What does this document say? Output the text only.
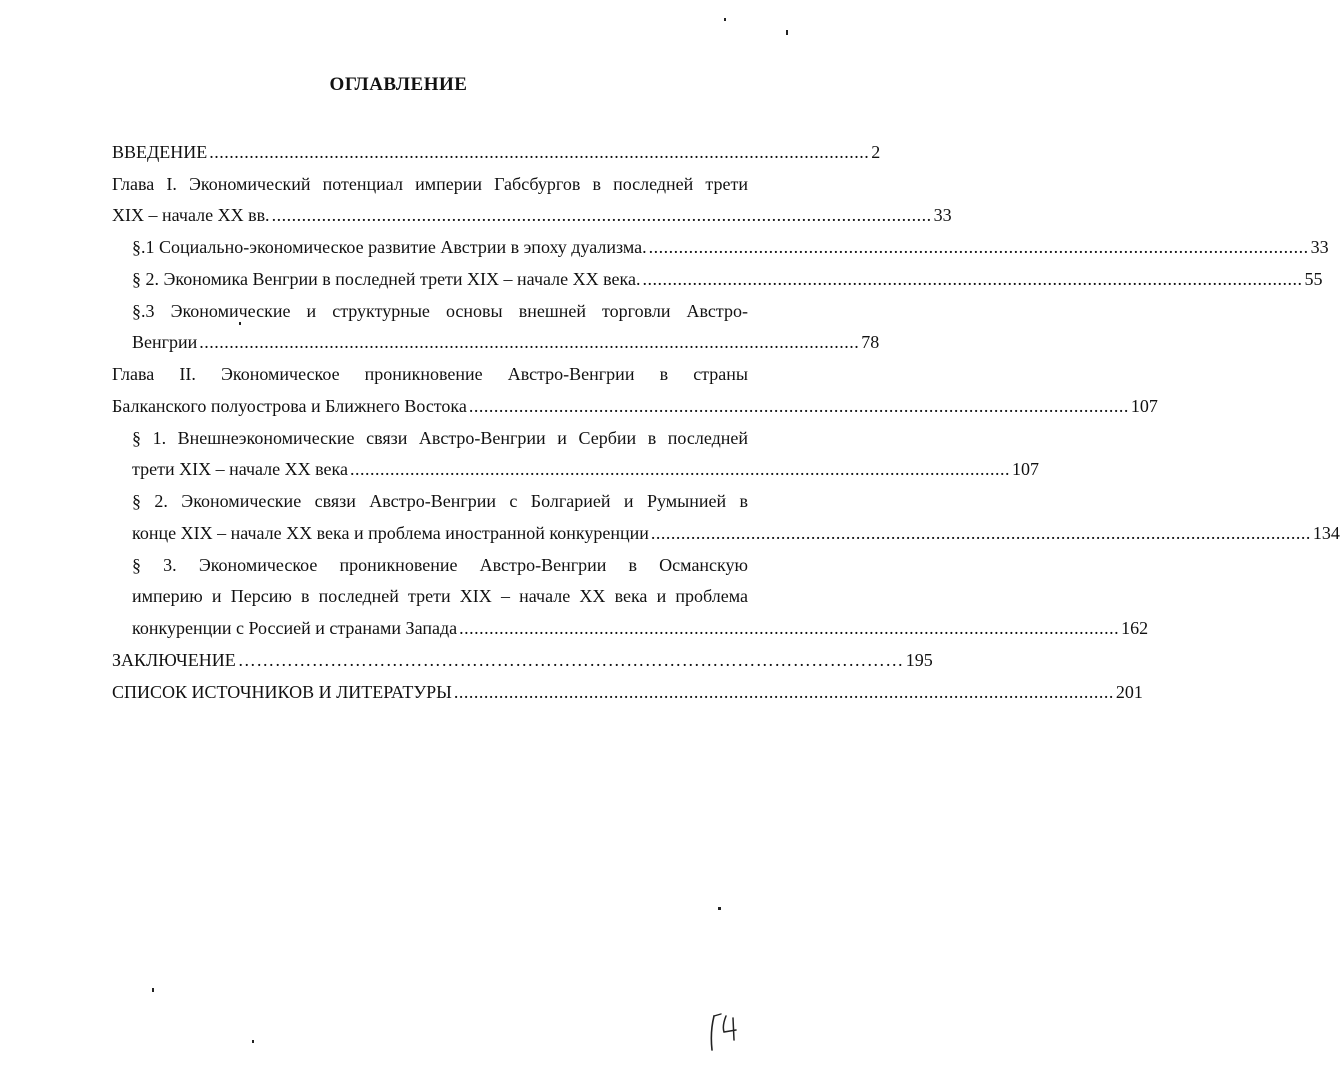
ОГЛАВЛЕНИЕ
ВВЕДЕНИЕ .................................................................................................................................... 2
Глава I. Экономический потенциал империи Габсбургов в последней трети
XIX – начале XX вв. .................................................................................................................................... 33
§.1 Социально-экономическое развитие Австрии в эпоху дуализма. .................................................................................................................................... 33
§ 2. Экономика Венгрии в последней трети XIX – начале XX века. .................................................................................................................................... 55
§.3 Экономические и структурные основы внешней торговли Австро-
Венгрии .................................................................................................................................... 78
Глава II. Экономическое проникновение Австро-Венгрии в страны
Балканского полуострова и Ближнего Востока .................................................................................................................................... 107
§ 1. Внешнеэкономические связи Австро-Венгрии и Сербии в последней
трети XIX – начале XX века .................................................................................................................................... 107
§ 2. Экономические связи Австро-Венгрии с Болгарией и Румынией в
конце XIX – начале XX века и проблема иностранной конкуренции .................................................................................................................................... 134
§ 3. Экономическое проникновение Австро-Венгрии в Османскую
империю и Персию в последней трети XIX – начале XX века и проблема
конкуренции с Россией и странами Запада .................................................................................................................................... 162
ЗАКЛЮЧЕНИЕ ……………………………………………………………………………………………… 195
СПИСОК ИСТОЧНИКОВ И ЛИТЕРАТУРЫ .................................................................................................................................... 201
